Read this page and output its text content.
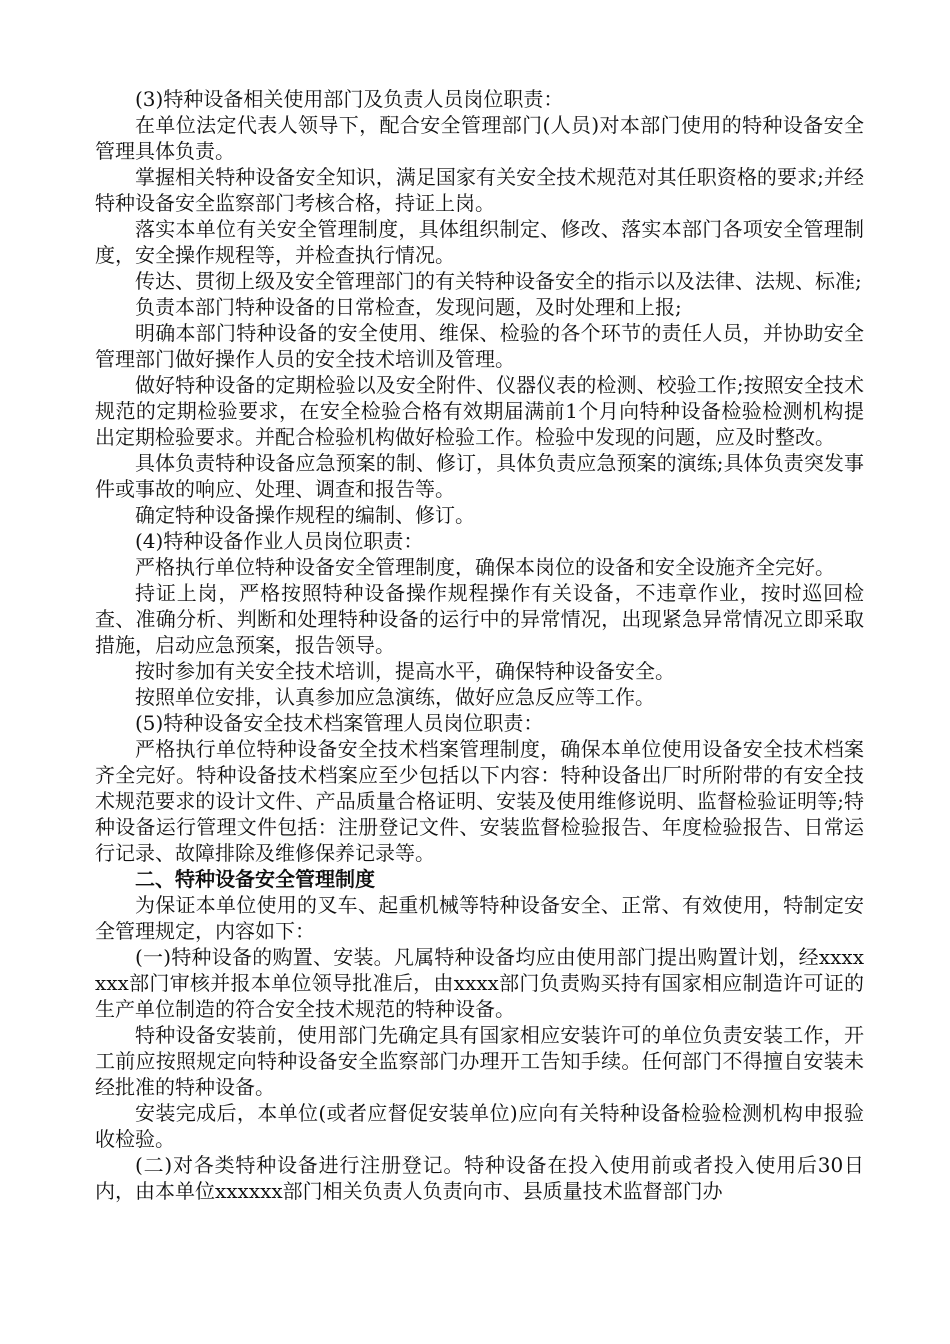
(3)特种设备相关使用部门及负责人员岗位职责：

在单位法定代表人领导下，配合安全管理部门(人员)对本部门使用的特种设备安全管理具体负责。

掌握相关特种设备安全知识，满足国家有关安全技术规范对其任职资格的要求;并经特种设备安全监察部门考核合格，持证上岗。

落实本单位有关安全管理制度，具体组织制定、修改、落实本部门各项安全管理制度，安全操作规程等，并检查执行情况。

传达、贯彻上级及安全管理部门的有关特种设备安全的指示以及法律、法规、标准;

负责本部门特种设备的日常检查，发现问题，及时处理和上报;

明确本部门特种设备的安全使用、维保、检验的各个环节的责任人员，并协助安全管理部门做好操作人员的安全技术培训及管理。

做好特种设备的定期检验以及安全附件、仪器仪表的检测、校验工作;按照安全技术规范的定期检验要求，在安全检验合格有效期届满前1个月向特种设备检验检测机构提出定期检验要求。并配合检验机构做好检验工作。检验中发现的问题，应及时整改。

具体负责特种设备应急预案的制、修订，具体负责应急预案的演练;具体负责突发事件或事故的响应、处理、调查和报告等。

确定特种设备操作规程的编制、修订。

(4)特种设备作业人员岗位职责：

严格执行单位特种设备安全管理制度，确保本岗位的设备和安全设施齐全完好。

持证上岗，严格按照特种设备操作规程操作有关设备，不违章作业，按时巡回检查、准确分析、判断和处理特种设备的运行中的异常情况，出现紧急异常情况立即采取措施，启动应急预案，报告领导。

按时参加有关安全技术培训，提高水平，确保特种设备安全。

按照单位安排，认真参加应急演练，做好应急反应等工作。

(5)特种设备安全技术档案管理人员岗位职责：

严格执行单位特种设备安全技术档案管理制度，确保本单位使用设备安全技术档案齐全完好。特种设备技术档案应至少包括以下内容：特种设备出厂时所附带的有安全技术规范要求的设计文件、产品质量合格证明、安装及使用维修说明、监督检验证明等;特种设备运行管理文件包括：注册登记文件、安装监督检验报告、年度检验报告、日常运行记录、故障排除及维修保养记录等。

二、特种设备安全管理制度

为保证本单位使用的叉车、起重机械等特种设备安全、正常、有效使用，特制定安全管理规定，内容如下：

(一)特种设备的购置、安装。凡属特种设备均应由使用部门提出购置计划，经xxxxxxx部门审核并报本单位领导批准后，由xxxx部门负责购买持有国家相应制造许可证的生产单位制造的符合安全技术规范的特种设备。

特种设备安装前，使用部门先确定具有国家相应安装许可的单位负责安装工作，开工前应按照规定向特种设备安全监察部门办理开工告知手续。任何部门不得擅自安装未经批准的特种设备。

安装完成后，本单位(或者应督促安装单位)应向有关特种设备检验检测机构申报验收检验。

(二)对各类特种设备进行注册登记。特种设备在投入使用前或者投入使用后30日内，由本单位xxxxxx部门相关负责人负责向市、县质量技术监督部门办
